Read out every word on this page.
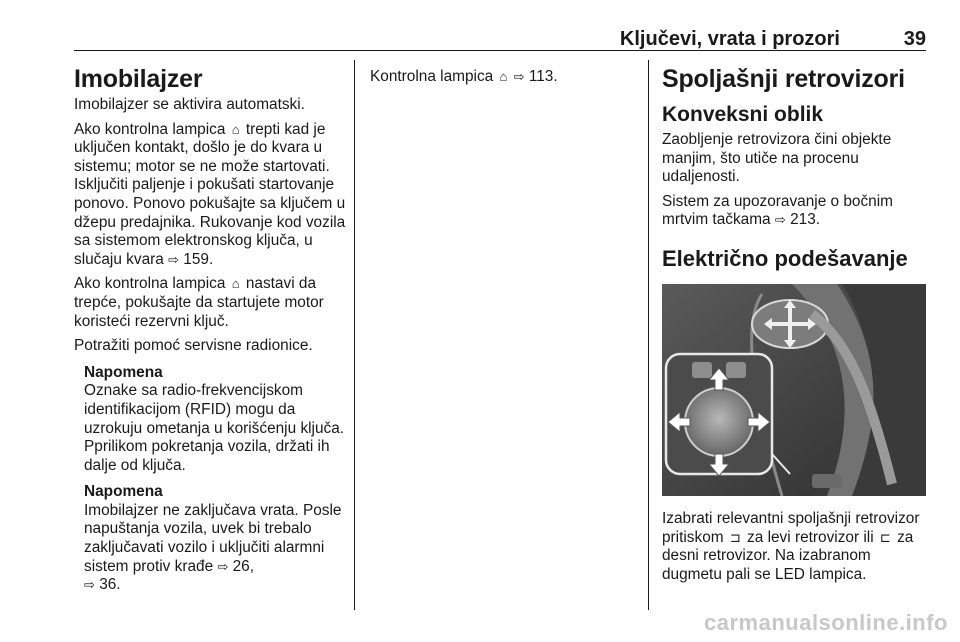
Ključevi, vrata i prozori	39
Imobilajzer

Imobilajzer se aktivira automatski.

Ako kontrolna lampica ⌂ trepti kad je uključen kontakt, došlo je do kvara u sistemu; motor se ne može startovati. Isključiti paljenje i pokušati startovanje ponovo. Ponovo pokušajte sa ključem u džepu predajnika. Rukovanje kod vozila sa sistemom elektronskog ključa, u slučaju kvara ⇨ 159.

Ako kontrolna lampica ⌂ nastavi da trepće, pokušajte da startujete motor koristeći rezervni ključ.

Potražiti pomoć servisne radionice.

Napomena

Oznake sa radio-frekvencijskom identifikacijom (RFID) mogu da uzrokuju ometanja u korišćenju ključa. Pprilikom pokretanja vozila, držati ih dalje od ključa.

Napomena

Imobilajzer ne zaključava vrata. Posle napuštanja vozila, uvek bi trebalo zaključavati vozilo i uključiti alarmni sistem protiv krađe ⇨ 26,
⇨ 36.

Kontrolna lampica ⌂ ⇨ 113.	Spoljašnji retrovizori
Konveksni oblik

Zaobljenje retrovizora čini objekte manjim, što utiče na procenu udaljenosti.

Sistem za upozoravanje o bočnim mrtvim tačkama ⇨ 213.

Električno podešavanje

Izabrati relevantni spoljašnji retrovizor pritiskom ⊐ za levi retrovizor ili ⊏ za desni retrovizor. Na izabranom dugmetu pali se LED lampica.

carmanualsonline.info
